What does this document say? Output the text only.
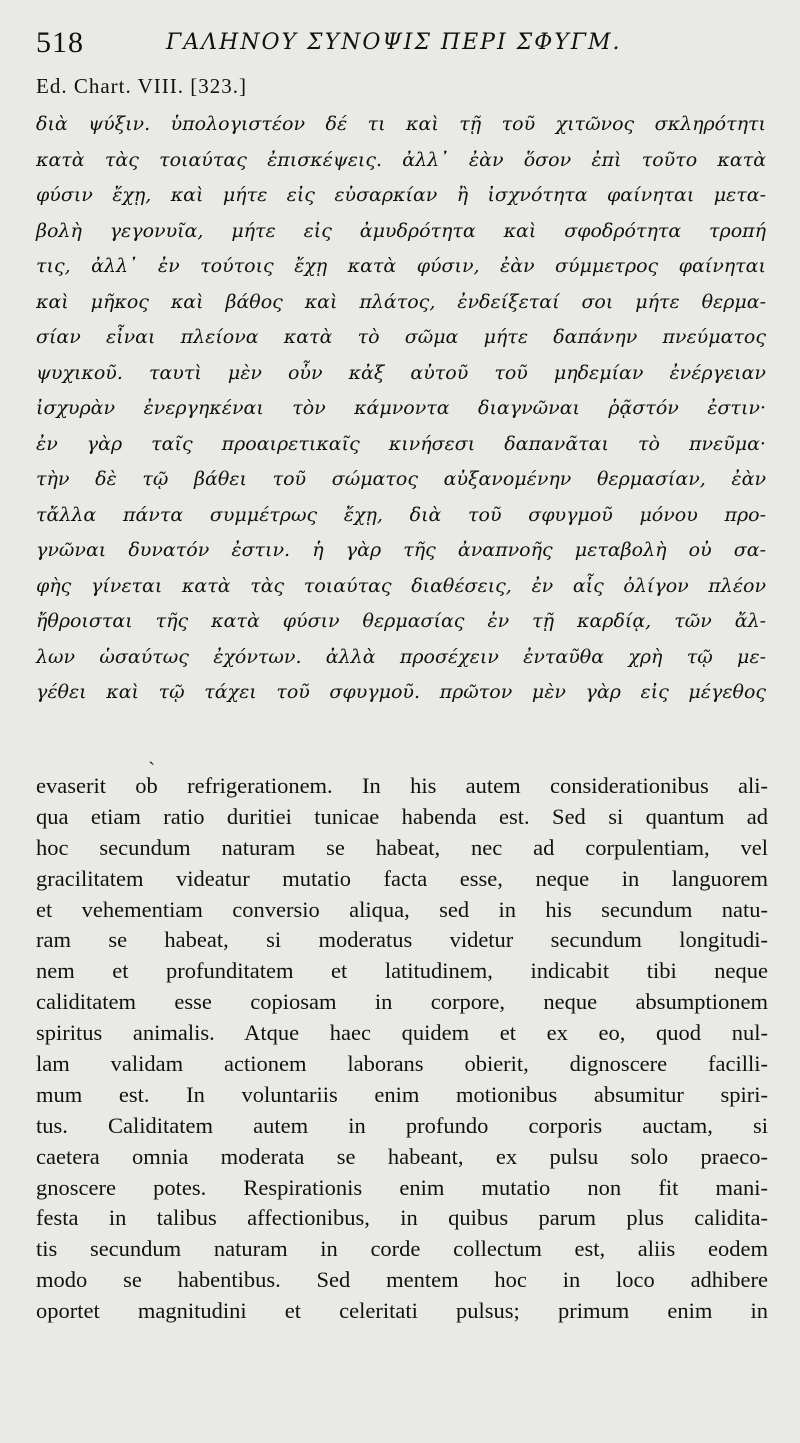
518	ΓΑΛΗΝΟΥ ΣΥΝΟΨΙΣ ΠΕΡΙ ΣΦΥΓΜ.
Ed. Chart. VIII. [323.]
διὰ ψύξιν. ὑπολογιστέον δέ τι καὶ τῇ τοῦ χιτῶνος σκληρότητι
κατὰ τὰς τοιαύτας ἐπισκέψεις. ἀλλ᾽ ἐὰν ὅσον ἐπὶ τοῦτο κατὰ
φύσιν ἔχῃ, καὶ μήτε εἰς εὐσαρκίαν ἢ ἰσχνότητα φαίνηται μετα-
βολὴ γεγονυῖα, μήτε εἰς ἀμυδρότητα καὶ σφοδρότητα τροπή
τις, ἀλλ᾽ ἐν τούτοις ἔχῃ κατὰ φύσιν, ἐὰν σύμμετρος φαίνηται
καὶ μῆκος καὶ βάθος καὶ πλάτος, ἐνδείξεταί σοι μήτε θερμα-
σίαν εἶναι πλείονα κατὰ τὸ σῶμα μήτε δαπάνην πνεύματος
ψυχικοῦ. ταυτὶ μὲν οὖν κἀξ αὐτοῦ τοῦ μηδεμίαν ἐνέργειαν
ἰσχυρὰν ἐνεργηκέναι τὸν κάμνοντα διαγνῶναι ῥᾷστόν ἐστιν·
ἐν γὰρ ταῖς προαιρετικαῖς κινήσεσι δαπανᾶται τὸ πνεῦμα·
τὴν δὲ τῷ βάθει τοῦ σώματος αὐξανομένην θερμασίαν, ἐὰν
τἄλλα πάντα συμμέτρως ἔχῃ, διὰ τοῦ σφυγμοῦ μόνου προ-
γνῶναι δυνατόν ἐστιν. ἡ γὰρ τῆς ἀναπνοῆς μεταβολὴ οὐ σα-
φὴς γίνεται κατὰ τὰς τοιαύτας διαθέσεις, ἐν αἷς ὀλίγον πλέον
ἤθροισται τῆς κατὰ φύσιν θερμασίας ἐν τῇ καρδίᾳ, τῶν ἄλ-
λων ὡσαύτως ἐχόντων. ἀλλὰ προσέχειν ἐνταῦθα χρὴ τῷ με-
γέθει καὶ τῷ τάχει τοῦ σφυγμοῦ. πρῶτον μὲν γὰρ εἰς μέγεθος
ˏ
evaserit ob refrigerationem. In his autem considerationibus ali-
qua etiam ratio duritiei tunicae habenda est. Sed si quantum ad
hoc secundum naturam se habeat, nec ad corpulentiam, vel
gracilitatem videatur mutatio facta esse, neque in languorem
et vehementiam conversio aliqua, sed in his secundum natu-
ram se habeat, si moderatus videtur secundum longitudi-
nem et profunditatem et latitudinem, indicabit tibi neque
caliditatem esse copiosam in corpore, neque absumptionem
spiritus animalis. Atque haec quidem et ex eo, quod nul-
lam validam actionem laborans obierit, dignoscere facilli-
mum est. In voluntariis enim motionibus absumitur spiri-
tus. Caliditatem autem in profundo corporis auctam, si
caetera omnia moderata se habeant, ex pulsu solo praeco-
gnoscere potes. Respirationis enim mutatio non fit mani-
festa in talibus affectionibus, in quibus parum plus calidita-
tis secundum naturam in corde collectum est, aliis eodem
modo se habentibus. Sed mentem hoc in loco adhibere
oportet magnitudini et celeritati pulsus; primum enim in
